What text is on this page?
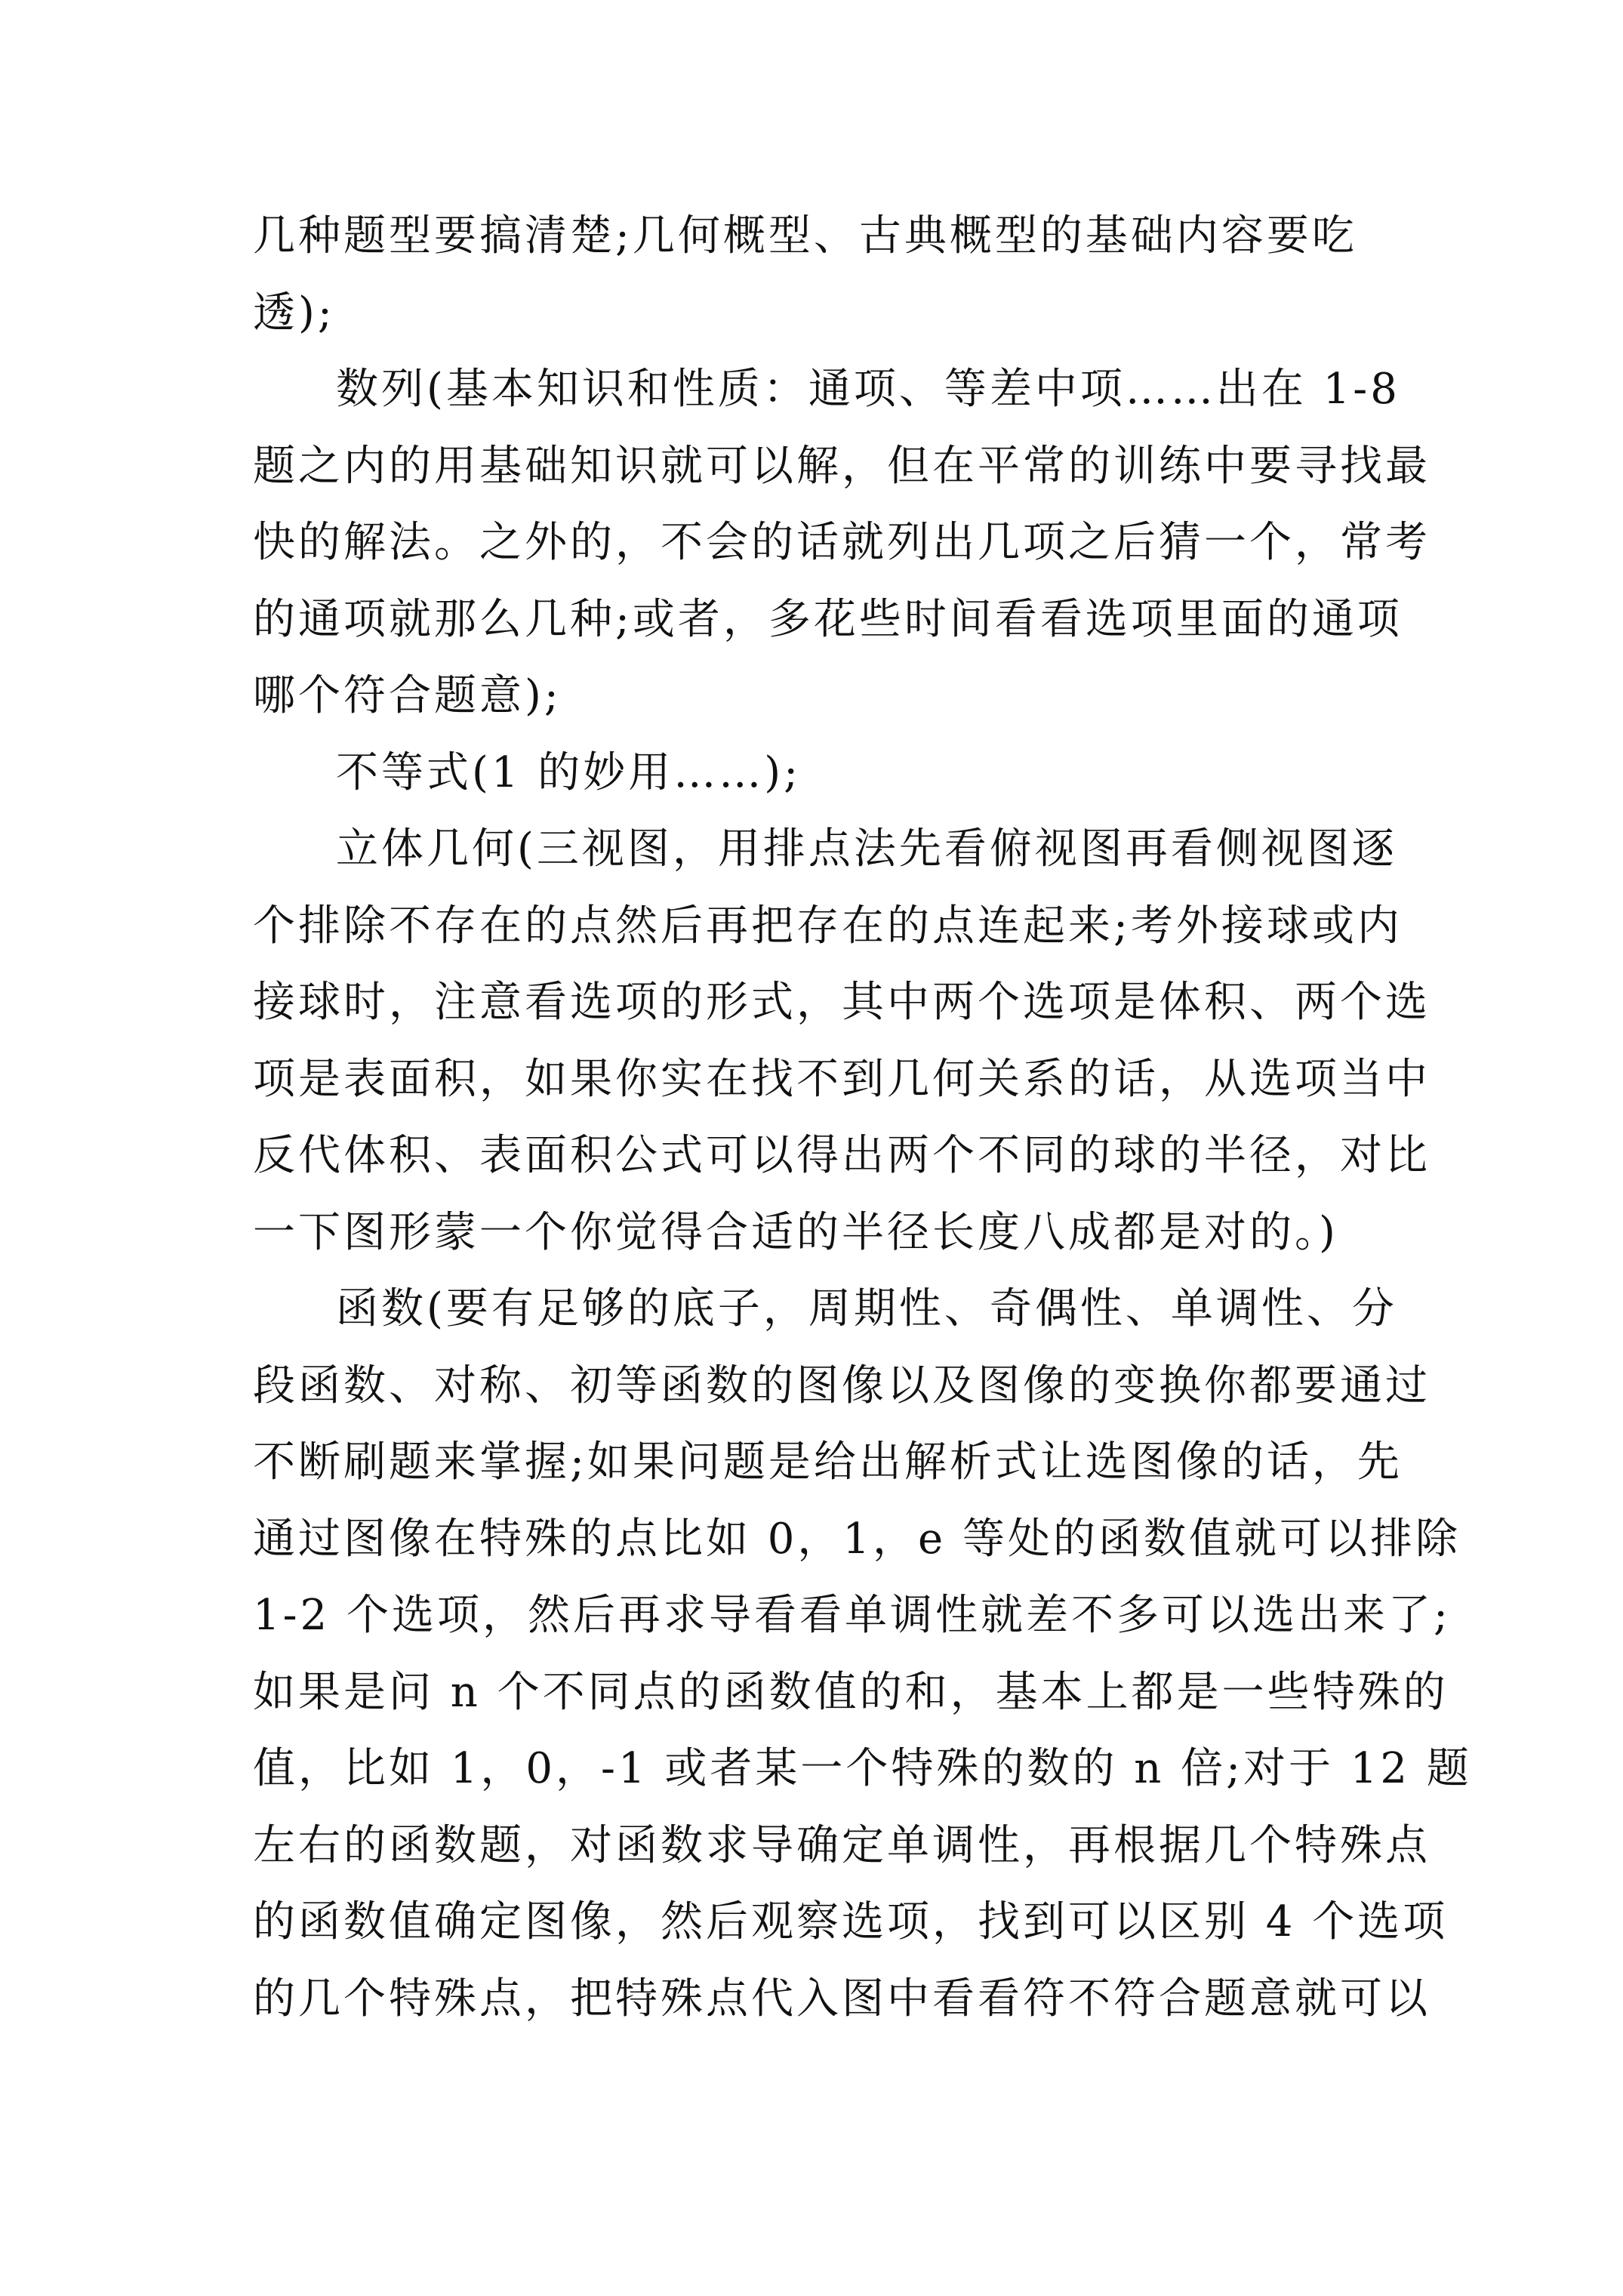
几种题型要搞清楚;几何概型、古典概型的基础内容要吃
透);
数列(基本知识和性质：通项、等差中项……出在 1-8
题之内的用基础知识就可以解，但在平常的训练中要寻找最
快的解法。之外的，不会的话就列出几项之后猜一个，常考
的通项就那么几种;或者，多花些时间看看选项里面的通项
哪个符合题意);
不等式(1 的妙用……);
立体几何(三视图，用排点法先看俯视图再看侧视图逐
个排除不存在的点然后再把存在的点连起来;考外接球或内
接球时，注意看选项的形式，其中两个选项是体积、两个选
项是表面积，如果你实在找不到几何关系的话，从选项当中
反代体积、表面积公式可以得出两个不同的球的半径，对比
一下图形蒙一个你觉得合适的半径长度八成都是对的。)
函数(要有足够的底子，周期性、奇偶性、单调性、分
段函数、对称、初等函数的图像以及图像的变换你都要通过
不断刷题来掌握;如果问题是给出解析式让选图像的话，先
通过图像在特殊的点比如 0，1，e 等处的函数值就可以排除
1-2 个选项，然后再求导看看单调性就差不多可以选出来了;
如果是问 n 个不同点的函数值的和，基本上都是一些特殊的
值，比如 1，0，-1 或者某一个特殊的数的 n 倍;对于 12 题
左右的函数题，对函数求导确定单调性，再根据几个特殊点
的函数值确定图像，然后观察选项，找到可以区别 4 个选项
的几个特殊点，把特殊点代入图中看看符不符合题意就可以
